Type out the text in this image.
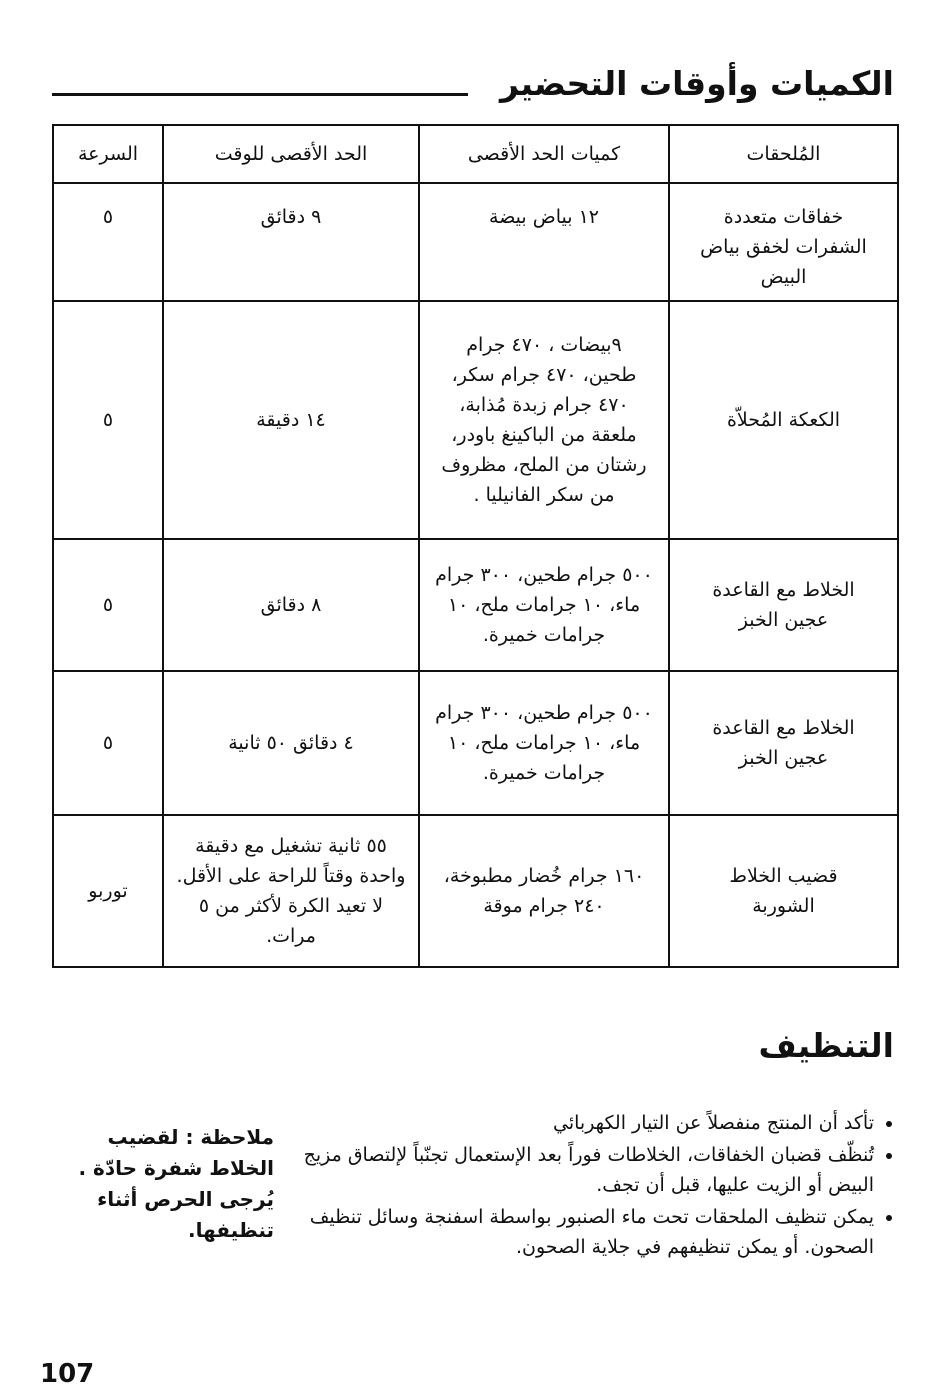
الكميات وأوقات التحضير
المُلحقات	كميات الحد الأقصى	الحد الأقصى للوقت	السرعة
خفاقات متعددة الشفرات لخفق بياض البيض	١٢ بياض بيضة	٩ دقائق	٥
الكعكة المُحلاّة	٩بيضات ، ٤٧٠ جرام طحين، ٤٧٠ جرام سكر، ٤٧٠ جرام زبدة مُذابة، ملعقة من الباكينغ باودر، رشتان من الملح، مظروف من سكر الفانيليا .	١٤ دقيقة	٥
الخلاط مع القاعدة عجين الخبز	٥٠٠ جرام طحين، ٣٠٠ جرام ماء، ١٠ جرامات ملح، ١٠ جرامات خميرة.	٨ دقائق	٥
الخلاط مع القاعدة عجين الخبز	٥٠٠ جرام طحين، ٣٠٠ جرام ماء، ١٠ جرامات ملح، ١٠ جرامات خميرة.	٤ دقائق ٥٠ ثانية	٥
قضيب الخلاط الشوربة	١٦٠ جرام خُضار مطبوخة، ٢٤٠ جرام موقة	٥٥ ثانية تشغيل مع دقيقة واحدة وقتاً للراحة على الأقل. لا تعيد الكرة لأكثر من ٥ مرات.	توربو
التنظيف
• تأكد أن المنتج منفصلاً عن التيار الكهربائي
• تُنظّف قضبان الخفاقات، الخلاطات فوراً بعد الإستعمال تجنّباً لإلتصاق مزيج البيض أو الزيت عليها، قبل أن تجف.
• يمكن تنظيف الملحقات تحت ماء الصنبور بواسطة اسفنجة وسائل تنظيف الصحون. أو يمكن تنظيفهم في جلاية الصحون.
ملاحظة : لقضيب الخلاط شفرة حادّة . يُرجى الحرص أثناء تنظيفها.
107
